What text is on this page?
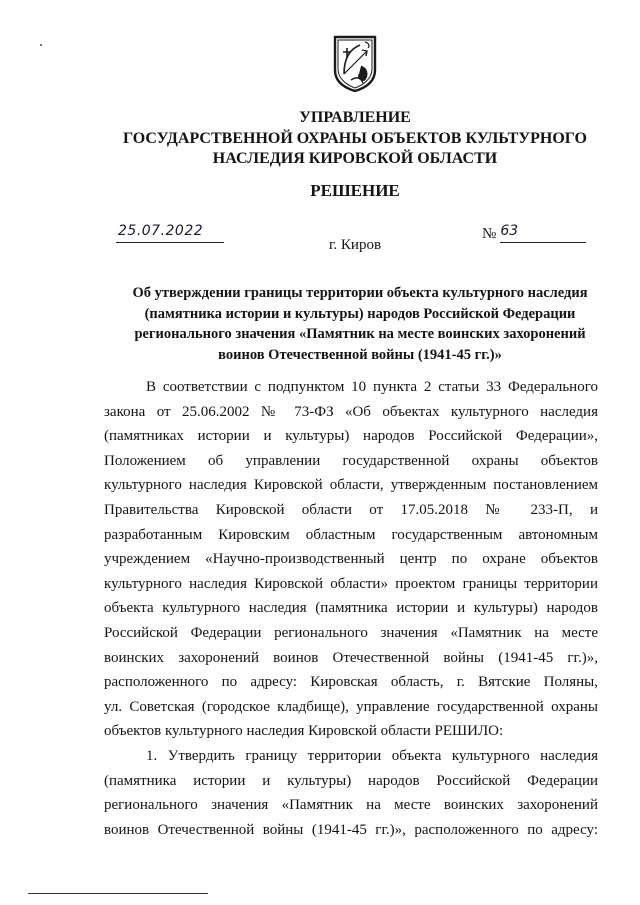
УПРАВЛЕНИЕ
ГОСУДАРСТВЕННОЙ ОХРАНЫ ОБЪЕКТОВ КУЛЬТУРНОГО
НАСЛЕДИЯ КИРОВСКОЙ ОБЛАСТИ
РЕШЕНИЕ
25.07.2022	№ 63
г. Киров
Об утверждении границы территории объекта культурного наследия
(памятника истории и культуры) народов Российской Федерации
регионального значения «Памятник на месте воинских захоронений
воинов Отечественной войны (1941-45 гг.)»
В соответствии с подпунктом 10 пункта 2 статьи 33 Федерального
закона от 25.06.2002 № 73-ФЗ «Об объектах культурного наследия
(памятниках истории и культуры) народов Российской Федерации»,
Положением об управлении государственной охраны объектов
культурного наследия Кировской области, утвержденным постановлением
Правительства Кировской области от 17.05.2018 № 233-П, и
разработанным Кировским областным государственным автономным
учреждением «Научно-производственный центр по охране объектов
культурного наследия Кировской области» проектом границы территории
объекта культурного наследия (памятника истории и культуры) народов
Российской Федерации регионального значения «Памятник на месте
воинских захоронений воинов Отечественной войны (1941-45 гг.)»,
расположенного по адресу: Кировская область, г. Вятские Поляны,
ул. Советская (городское кладбище), управление государственной охраны
объектов культурного наследия Кировской области РЕШИЛО:
1. Утвердить границу территории объекта культурного наследия
(памятника истории и культуры) народов Российской Федерации
регионального значения «Памятник на месте воинских захоронений
воинов Отечественной войны (1941-45 гг.)», расположенного по адресу:
